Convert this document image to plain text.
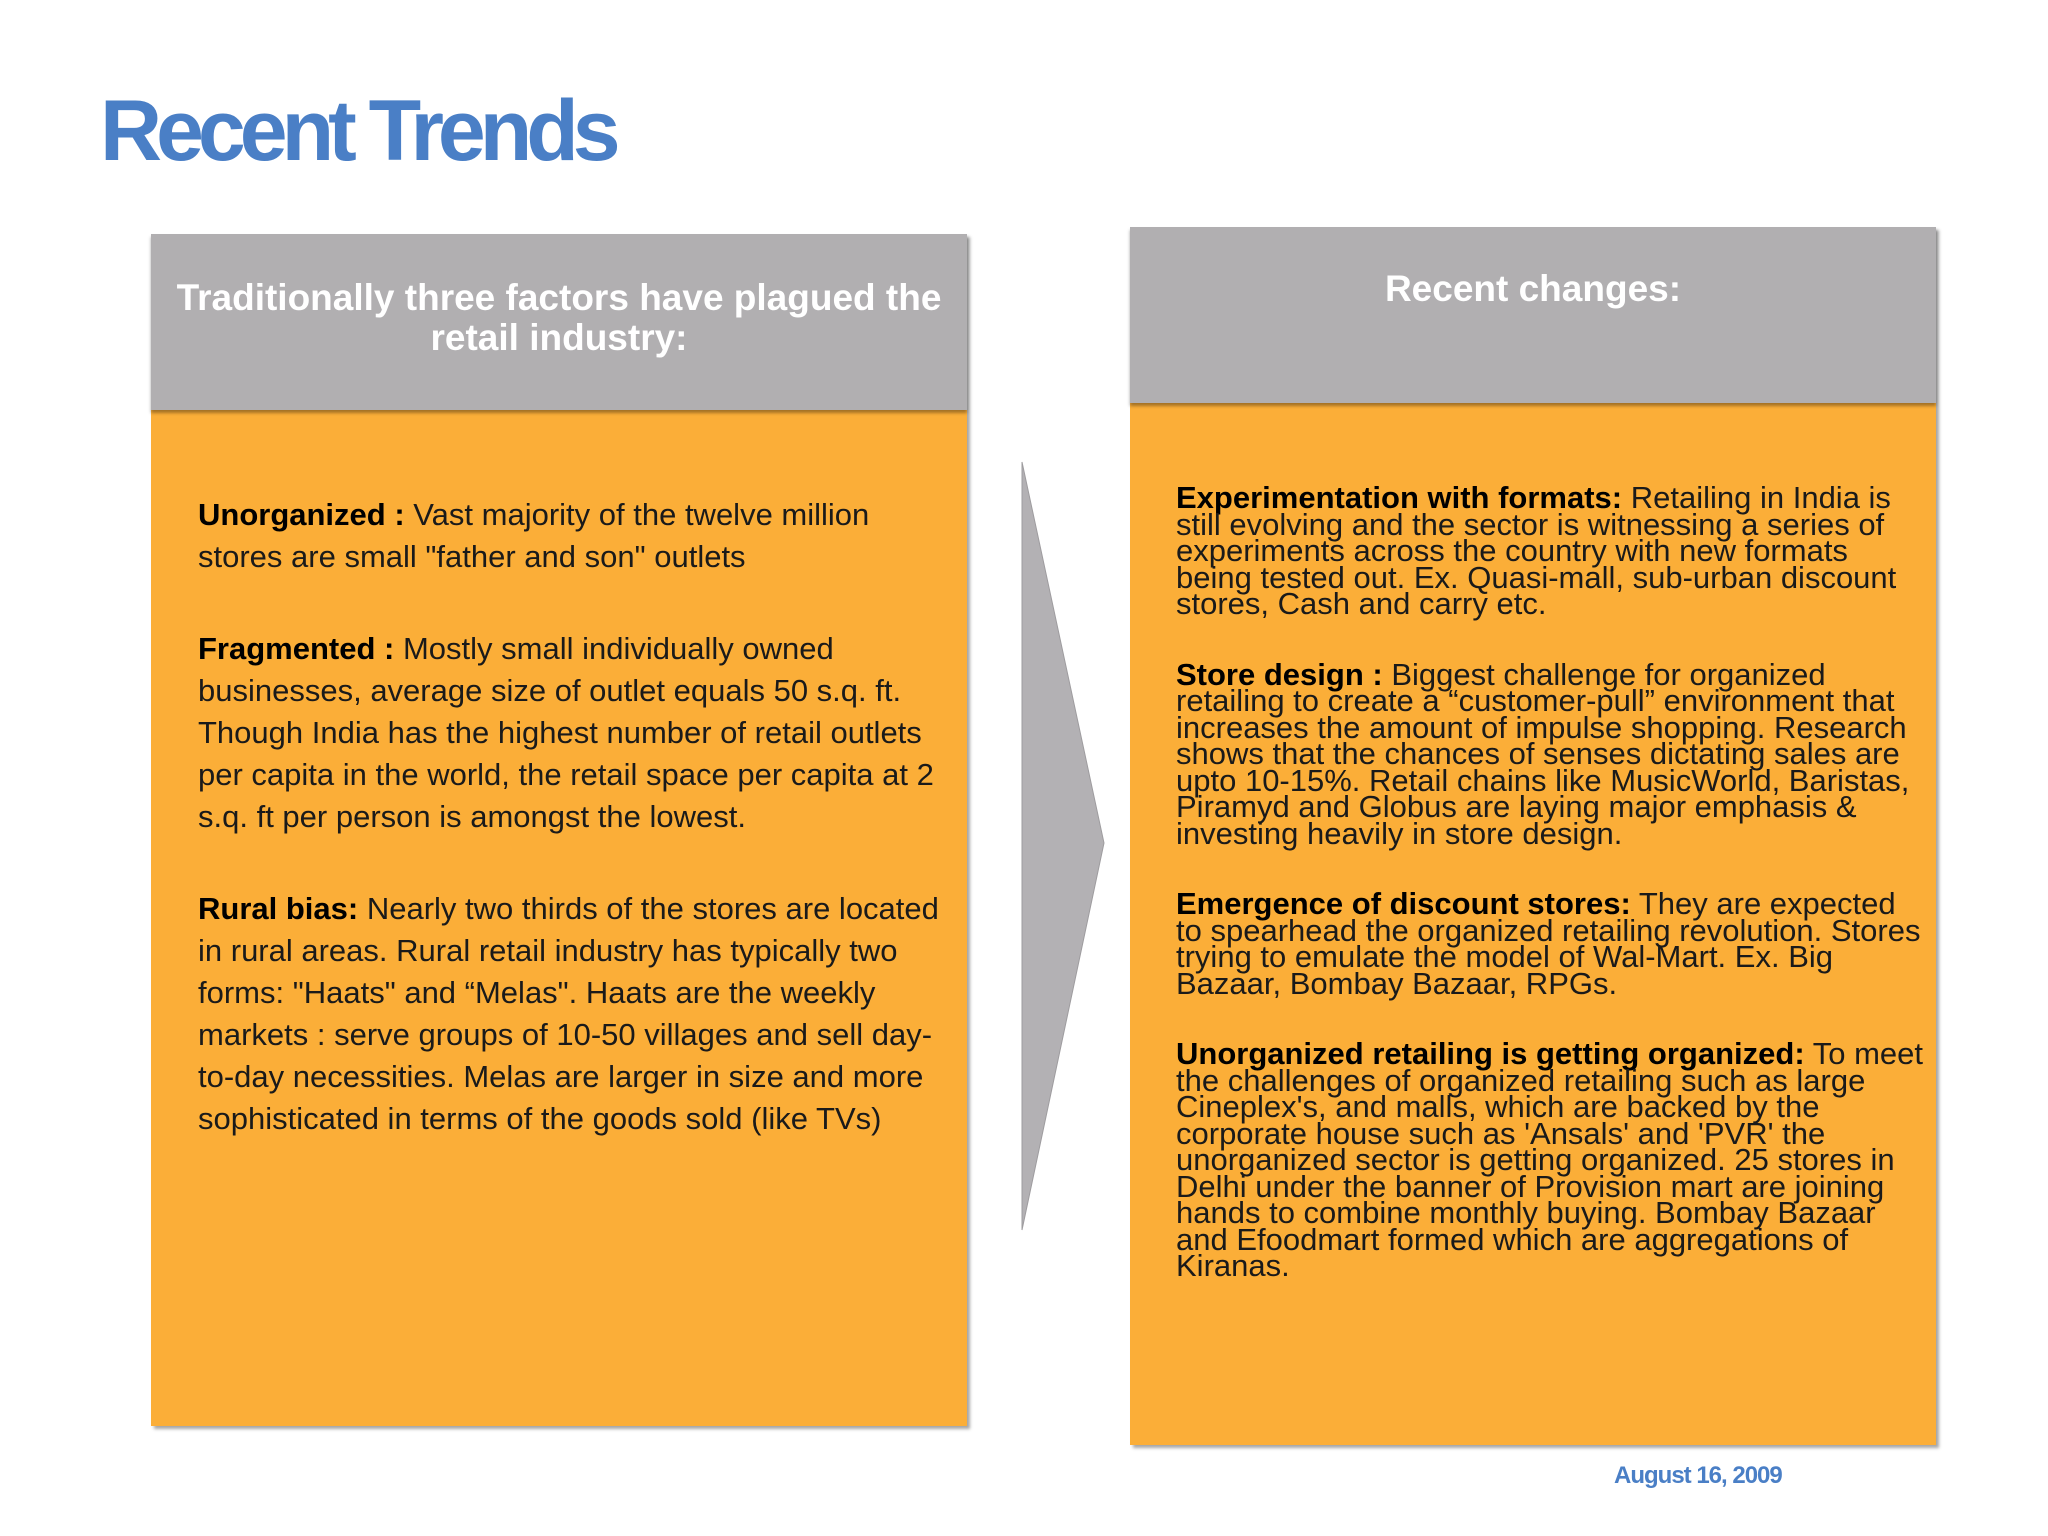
Recent Trends
Traditionally three factors have plagued the retail industry:

Unorganized : Vast majority of the twelve million stores are small "father and son" outlets

Fragmented : Mostly small individually owned businesses, average size of outlet equals 50 s.q. ft. Though India has the highest number of retail outlets per capita in the world, the retail space per capita at 2 s.q. ft per person is amongst the lowest.

Rural bias: Nearly two thirds of the stores are located in rural areas. Rural retail industry has typically two forms: "Haats" and “Melas". Haats are the weekly markets : serve groups of 10-50 villages and sell day-to-day necessities. Melas are larger in size and more sophisticated in terms of the goods sold (like TVs)

Recent changes:

Experimentation with formats: Retailing in India is still evolving and the sector is witnessing a series of experiments across the country with new formats being tested out. Ex. Quasi-mall, sub-urban discount stores, Cash and carry etc.

Store design : Biggest challenge for organized retailing to create a “customer-pull” environment that increases the amount of impulse shopping. Research shows that the chances of senses dictating sales are upto 10-15%. Retail chains like MusicWorld, Baristas, Piramyd and Globus are laying major emphasis & investing heavily in store design.

Emergence of discount stores: They are expected to spearhead the organized retailing revolution. Stores trying to emulate the model of Wal-Mart. Ex. Big Bazaar, Bombay Bazaar, RPGs.

Unorganized retailing is getting organized: To meet the challenges of organized retailing such as large Cineplex's, and malls, which are backed by the corporate house such as 'Ansals' and 'PVR' the unorganized sector is getting organized. 25 stores in Delhi under the banner of Provision mart are joining hands to combine monthly buying. Bombay Bazaar and Efoodmart formed which are aggregations of Kiranas.

August 16, 2009
